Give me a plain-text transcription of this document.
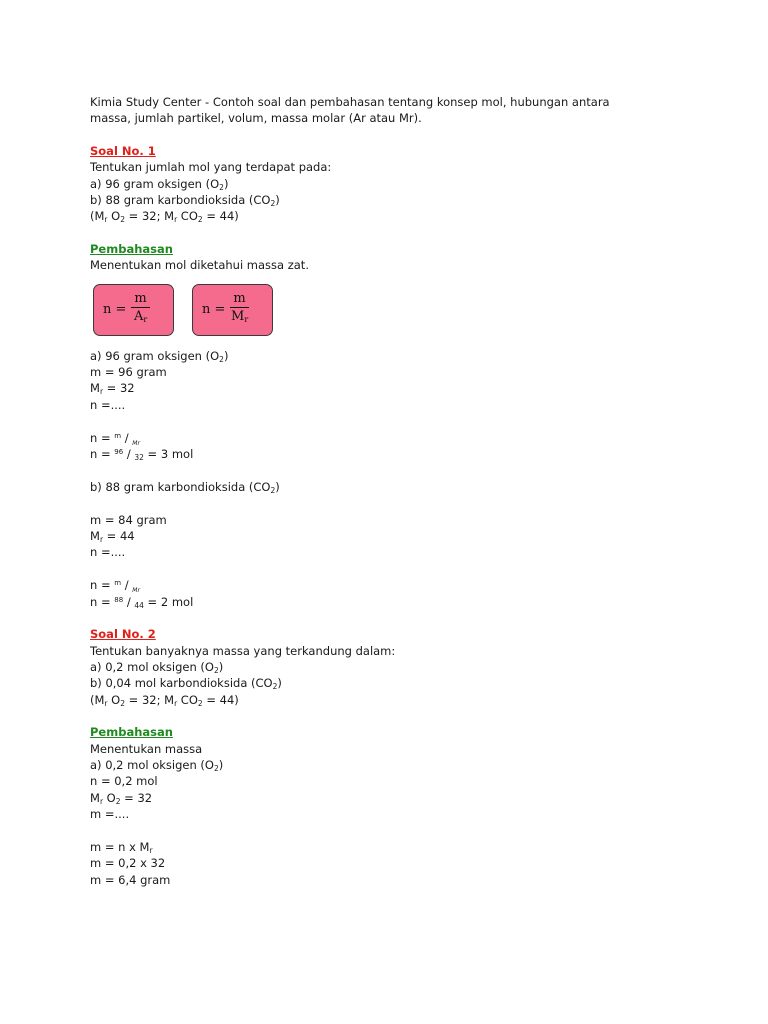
Kimia Study Center - Contoh soal dan pembahasan tentang konsep mol, hubungan antara
massa, jumlah partikel, volum, massa molar (Ar atau Mr).
Soal No. 1
Tentukan jumlah mol yang terdapat pada:
a) 96 gram oksigen $(O_2)$
b) 88 gram karbondioksida $(CO_2)$
($M_r$ $O_2 = 32$; $M_r$ $CO_2 = 44$)
Pembahasan
Menentukan mol diketahui massa zat.
$n = \frac{m}{A_r}$	$n = \frac{m}{M_r}$
a) 96 gram oksigen $(O_2)$
m = 96 gram
$M_r = 32$
n =....
n = $^m$ / $_{Mr}$
n = $^{96}$ / $_{32}$ = 3 mol
b) 88 gram karbondioksida $(CO_2)$
m = 84 gram
$M_r = 44$
n =....
n = $^m$ / $_{Mr}$
n = $^{88}$ / $_{44}$ = 2 mol
Soal No. 2
Tentukan banyaknya massa yang terkandung dalam:
a) 0,2 mol oksigen $(O_2)$
b) 0,04 mol karbondioksida $(CO_2)$
($M_r$ $O_2 = 32$; $M_r$ $CO_2 = 44$)
Pembahasan
Menentukan massa
a) 0,2 mol oksigen $(O_2)$
n = 0,2 mol
$M_r$ $O_2 = 32$
m =....
m = n x $M_r$
m = 0,2 x 32
m = 6,4 gram
